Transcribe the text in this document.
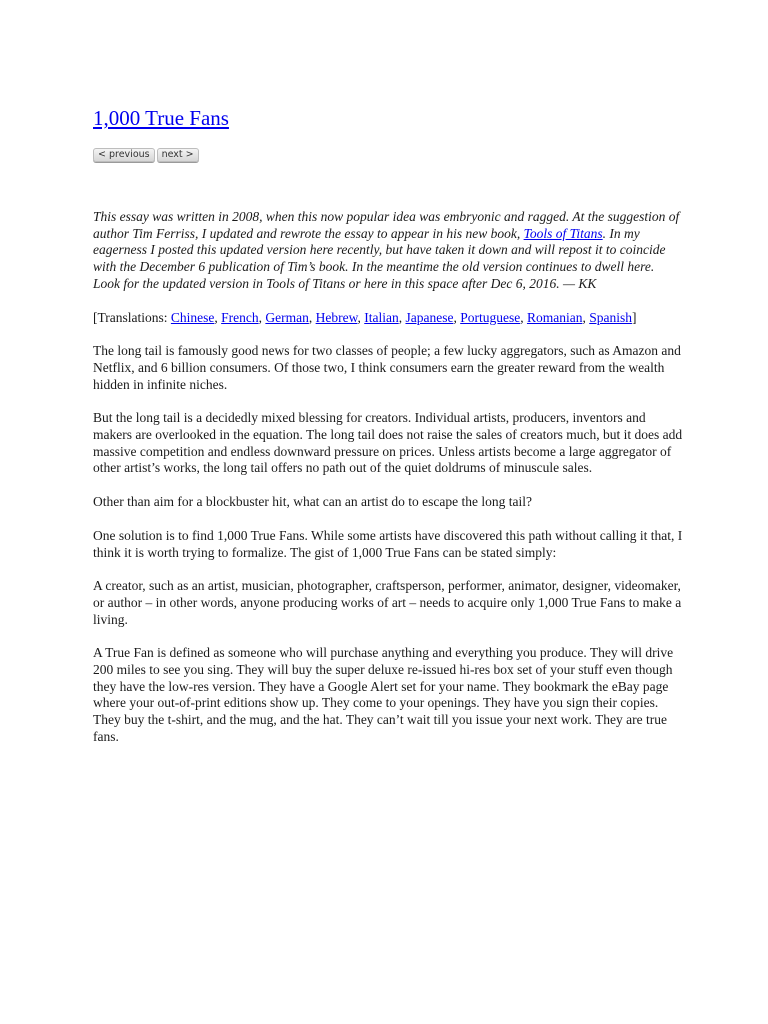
1,000 True Fans
< previous	next >

This essay was written in 2008, when this now popular idea was embryonic and ragged. At the suggestion of author Tim Ferriss, I updated and rewrote the essay to appear in his new book, Tools of Titans. In my eagerness I posted this updated version here recently, but have taken it down and will repost it to coincide with the December 6 publication of Tim’s book. In the meantime the old version continues to dwell here. Look for the updated version in Tools of Titans or here in this space after Dec 6, 2016. — KK

[Translations: Chinese, French, German, Hebrew, Italian, Japanese, Portuguese, Romanian, Spanish]

The long tail is famously good news for two classes of people; a few lucky aggregators, such as Amazon and Netflix, and 6 billion consumers. Of those two, I think consumers earn the greater reward from the wealth hidden in infinite niches.

But the long tail is a decidedly mixed blessing for creators. Individual artists, producers, inventors and makers are overlooked in the equation. The long tail does not raise the sales of creators much, but it does add massive competition and endless downward pressure on prices. Unless artists become a large aggregator of other artist’s works, the long tail offers no path out of the quiet doldrums of minuscule sales.

Other than aim for a blockbuster hit, what can an artist do to escape the long tail?

One solution is to find 1,000 True Fans. While some artists have discovered this path without calling it that, I think it is worth trying to formalize. The gist of 1,000 True Fans can be stated simply:

A creator, such as an artist, musician, photographer, craftsperson, performer, animator, designer, videomaker, or author – in other words, anyone producing works of art – needs to acquire only 1,000 True Fans to make a living.

A True Fan is defined as someone who will purchase anything and everything you produce. They will drive 200 miles to see you sing. They will buy the super deluxe re-issued hi-res box set of your stuff even though they have the low-res version. They have a Google Alert set for your name. They bookmark the eBay page where your out-of-print editions show up. They come to your openings. They have you sign their copies. They buy the t-shirt, and the mug, and the hat. They can’t wait till you issue your next work. They are true fans.
